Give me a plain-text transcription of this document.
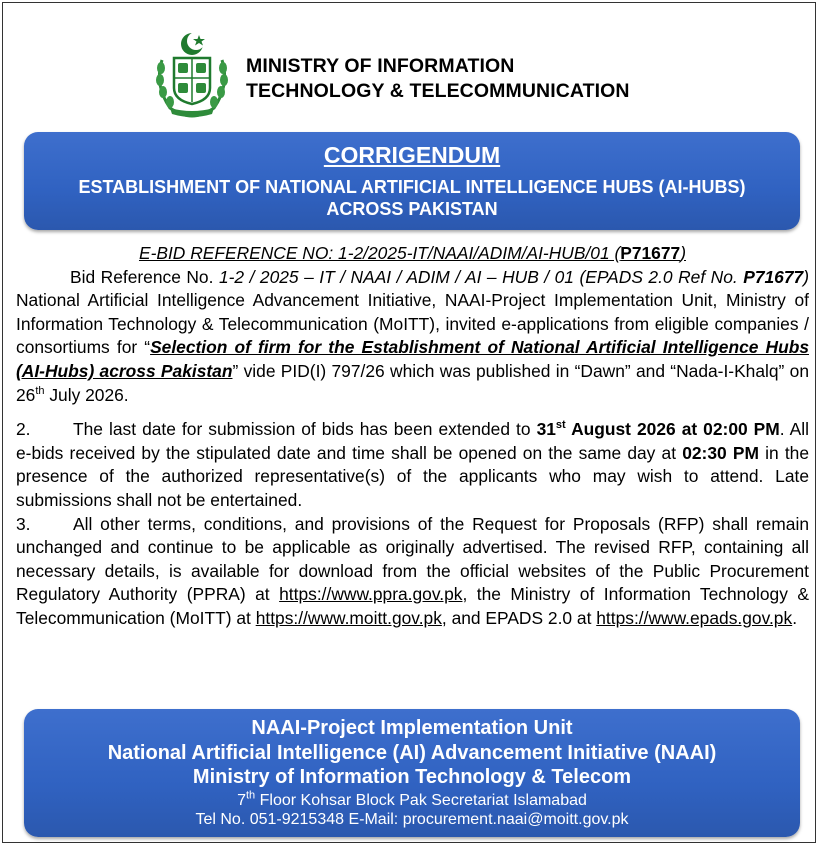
MINISTRY OF INFORMATION
TECHNOLOGY & TELECOMMUNICATION
CORRIGENDUM
ESTABLISHMENT OF NATIONAL ARTIFICIAL INTELLIGENCE HUBS (AI-HUBS) ACROSS PAKISTAN

E-BID REFERENCE NO: 1-2/2025-IT/NAAI/ADIM/AI-HUB/01 (P71677)

Bid Reference No. 1-2 / 2025 – IT / NAAI / ADIM / AI – HUB / 01 (EPADS 2.0 Ref No. P71677) National Artificial Intelligence Advancement Initiative, NAAI-Project Implementation Unit, Ministry of Information Technology & Telecommunication (MoITT), invited e-applications from eligible companies / consortiums for “Selection of firm for the Establishment of National Artificial Intelligence Hubs (AI-Hubs) across Pakistan” vide PID(I) 797/26 which was published in “Dawn” and “Nada-I-Khalq” on 26th July 2026.

2. The last date for submission of bids has been extended to 31st August 2026 at 02:00 PM. All e-bids received by the stipulated date and time shall be opened on the same day at 02:30 PM in the presence of the authorized representative(s) of the applicants who may wish to attend. Late submissions shall not be entertained.

3. All other terms, conditions, and provisions of the Request for Proposals (RFP) shall remain unchanged and continue to be applicable as originally advertised. The revised RFP, containing all necessary details, is available for download from the official websites of the Public Procurement Regulatory Authority (PPRA) at https://www.ppra.gov.pk, the Ministry of Information Technology & Telecommunication (MoITT) at https://www.moitt.gov.pk, and EPADS 2.0 at https://www.epads.gov.pk.

NAAI-Project Implementation Unit
National Artificial Intelligence (AI) Advancement Initiative (NAAI)
Ministry of Information Technology & Telecom
7th Floor Kohsar Block Pak Secretariat Islamabad
Tel No. 051-9215348 E-Mail: procurement.naai@moitt.gov.pk
